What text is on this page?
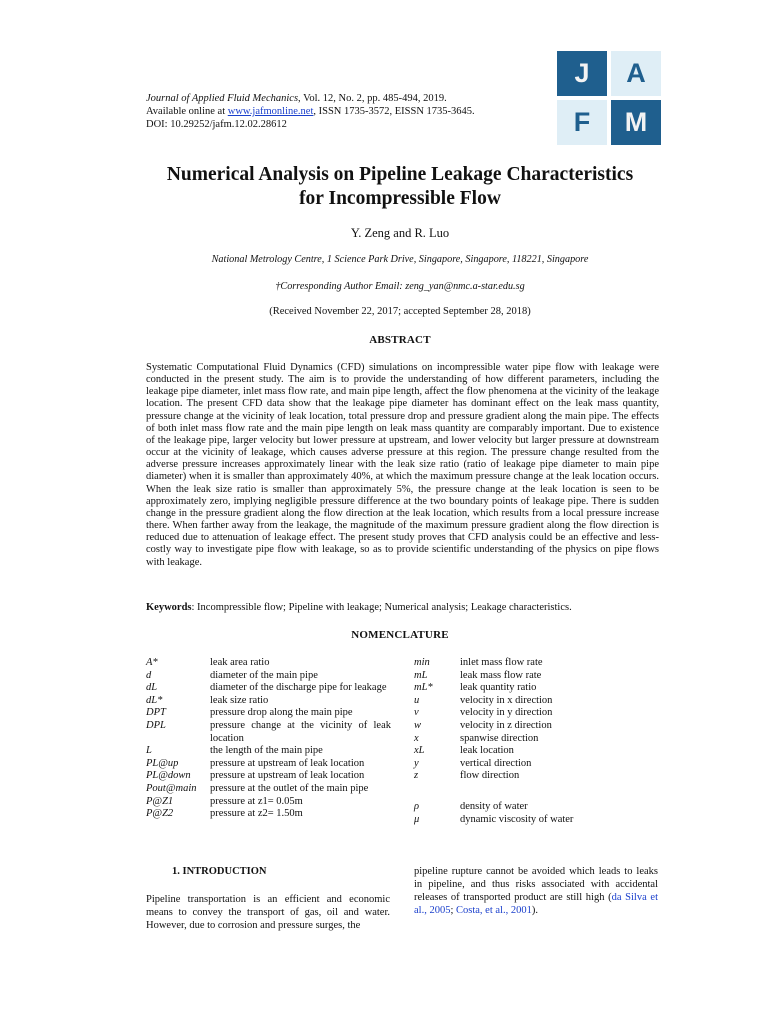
Journal of Applied Fluid Mechanics, Vol. 12, No. 2, pp. 485-494, 2019.
Available online at www.jafmonline.net, ISSN 1735-3572, EISSN 1735-3645.
DOI: 10.29252/jafm.12.02.28612
J	A
F	M
Numerical Analysis on Pipeline Leakage Characteristics
for Incompressible Flow
Y. Zeng and R. Luo
National Metrology Centre, 1 Science Park Drive, Singapore, Singapore, 118221, Singapore
†Corresponding Author Email: zeng_yan@nmc.a-star.edu.sg
(Received November 22, 2017; accepted September 28, 2018)
ABSTRACT
Systematic Computational Fluid Dynamics (CFD) simulations on incompressible water pipe flow with leakage were conducted in the present study. The aim is to provide the understanding of how different parameters, including the leakage pipe diameter, inlet mass flow rate, and main pipe length, affect the flow phenomena at the vicinity of the leakage location. The present CFD data show that the leakage pipe diameter has dominant effect on the leak mass quantity, pressure change at the vicinity of leak location, total pressure drop and pressure gradient along the main pipe. The effects of both inlet mass flow rate and the main pipe length on leak mass quantity are comparably important. Due to existence of the leakage pipe, larger velocity but lower pressure at upstream, and lower velocity but larger pressure at downstream occur at the vicinity of leakage, which causes adverse pressure at this region. The pressure change resulted from the adverse pressure increases approximately linear with the leak size ratio (ratio of leakage pipe diameter to main pipe diameter) when it is smaller than approximately 40%, at which the maximum pressure change at the leak location occurs. When the leak size ratio is smaller than approximately 5%, the pressure change at the leak location is seen to be approximately zero, implying negligible pressure difference at the two boundary points of leakage pipe. There is sudden change in the pressure gradient along the flow direction at the leak location, which results from a local pressure increase there. When farther away from the leakage, the magnitude of the maximum pressure gradient along the flow direction is reduced due to attenuation of leakage effect. The present study proves that CFD analysis could be an effective and less-costly way to investigate pipe flow with leakage, so as to provide scientific understanding of the physics on pipe flows with leakage.
Keywords: Incompressible flow; Pipeline with leakage; Numerical analysis; Leakage characteristics.
NOMENCLATURE
A*	leak area ratio
d	diameter of the main pipe
dL	diameter of the discharge pipe for leakage
dL*	leak size ratio
DPT	pressure drop along the main pipe
DPL	pressure change at the vicinity of leak location
L	the length of the main pipe
PL@up	pressure at upstream of leak location
PL@down	pressure at upstream of leak location
Pout@main	pressure at the outlet of the main pipe
P@Z1	pressure at z1= 0.05m
P@Z2	pressure at z2= 1.50m
min	inlet mass flow rate
mL	leak mass flow rate
mL*	leak quantity ratio
u	velocity in x direction
v	velocity in y direction
w	velocity in z direction
x	spanwise direction
xL	leak location
y	vertical direction
z	flow direction
ρ	density of water
μ	dynamic viscosity of water
1. INTRODUCTION
Pipeline transportation is an efficient and economic means to convey the transport of gas, oil and water. However, due to corrosion and pressure surges, the
pipeline rupture cannot be avoided which leads to leaks in pipeline, and thus risks associated with accidental releases of transported product are still high (da Silva et al., 2005; Costa, et al., 2001).
